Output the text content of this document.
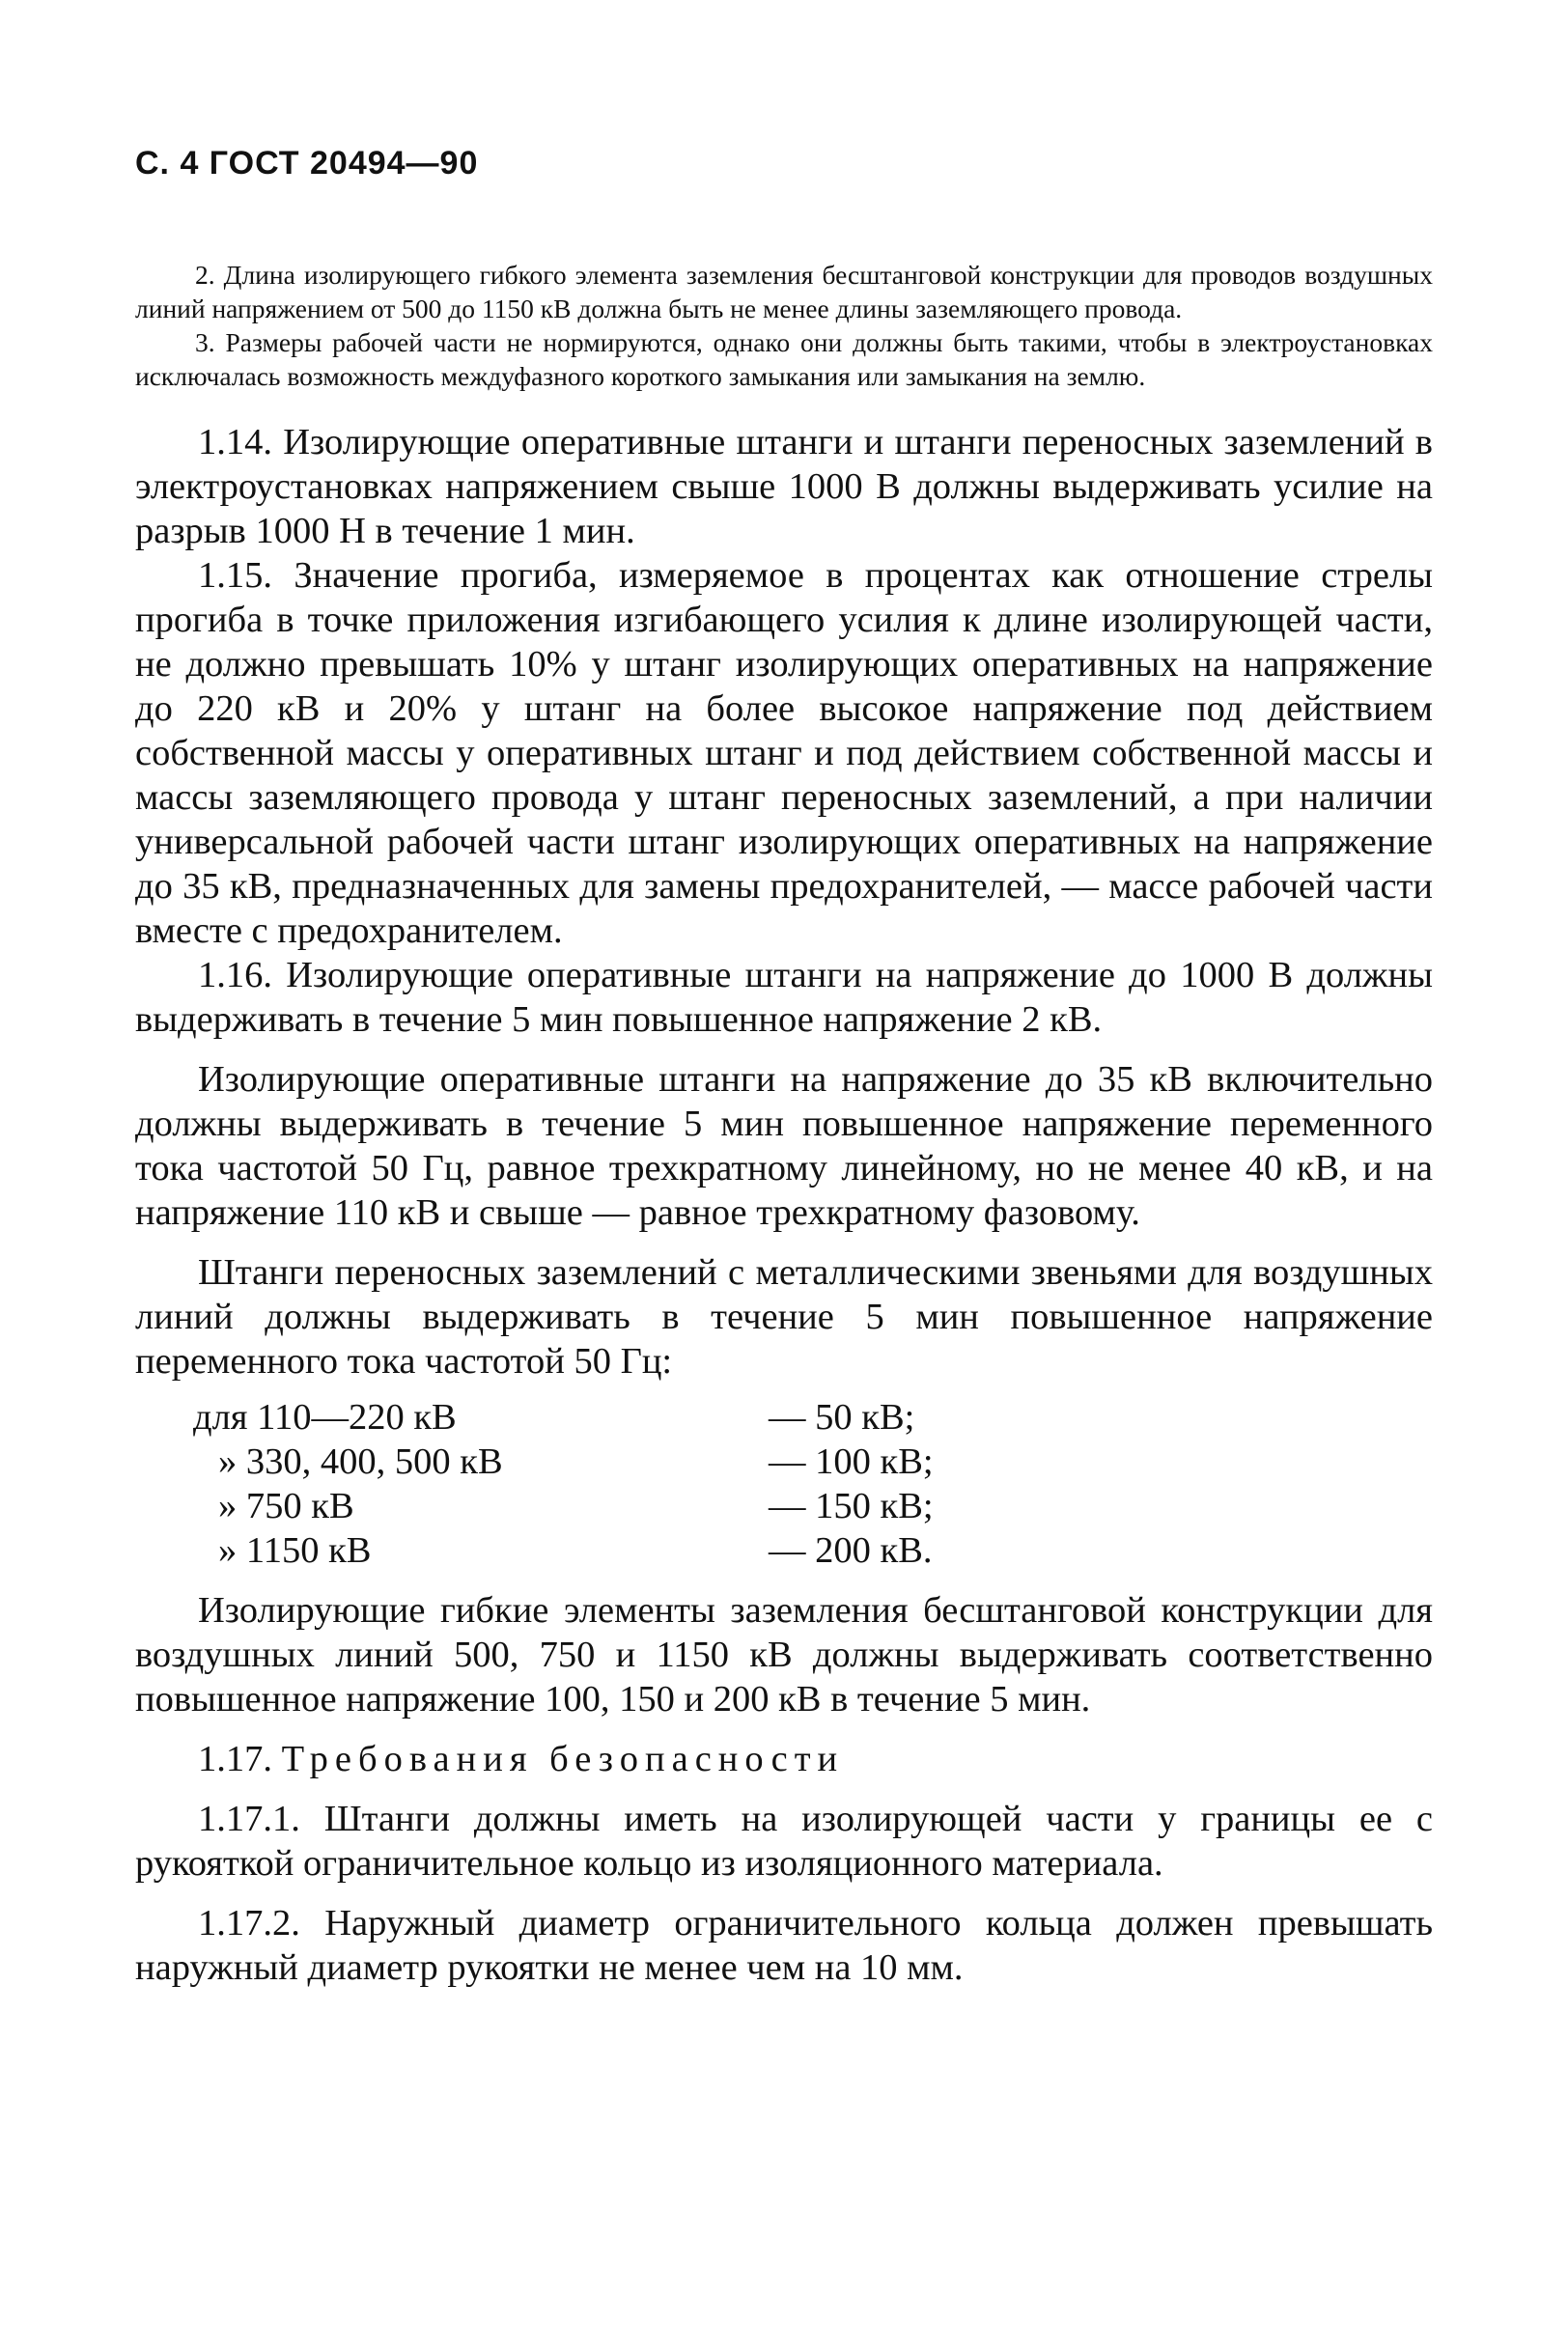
С. 4 ГОСТ 20494—90

2. Длина изолирующего гибкого элемента заземления бесштанговой конструкции для проводов воздушных линий напряжением от 500 до 1150 кВ должна быть не менее длины заземляющего провода.

3. Размеры рабочей части не нормируются, однако они должны быть такими, чтобы в электроустановках исключалась возможность междуфазного короткого замыкания или замыкания на землю.

1.14. Изолирующие оперативные штанги и штанги переносных заземлений в электроустановках напряжением свыше 1000 В должны выдерживать усилие на разрыв 1000 Н в течение 1 мин.

1.15. Значение прогиба, измеряемое в процентах как отношение стрелы прогиба в точке приложения изгибающего усилия к длине изолирующей части, не должно превышать 10% у штанг изолирующих оперативных на напряжение до 220 кВ и 20% у штанг на более высокое напряжение под действием собственной массы у оперативных штанг и под действием собственной массы и массы заземляющего провода у штанг переносных заземлений, а при наличии универсальной рабочей части штанг изолирующих оперативных на напряжение до 35 кВ, предназначенных для замены предохранителей, — массе рабочей части вместе с предохранителем.

1.16. Изолирующие оперативные штанги на напряжение до 1000 В должны выдерживать в течение 5 мин повышенное напряжение 2 кВ.

Изолирующие оперативные штанги на напряжение до 35 кВ включительно должны выдерживать в течение 5 мин повышенное напряжение переменного тока частотой 50 Гц, равное трехкратному линейному, но не менее 40 кВ, и на напряжение 110 кВ и свыше — равное трехкратному фазовому.

Штанги переносных заземлений с металлическими звеньями для воздушных линий должны выдерживать в течение 5 мин повышенное напряжение переменного тока частотой 50 Гц:

для 110—220 кВ	— 50 кВ;
» 330, 400, 500 кВ	— 100 кВ;
» 750 кВ	— 150 кВ;
» 1150 кВ	— 200 кВ.

Изолирующие гибкие элементы заземления бесштанговой конструкции для воздушных линий 500, 750 и 1150 кВ должны выдерживать соответственно повышенное напряжение 100, 150 и 200 кВ в течение 5 мин.

1.17. Требования безопасности

1.17.1. Штанги должны иметь на изолирующей части у границы ее с рукояткой ограничительное кольцо из изоляционного материала.

1.17.2. Наружный диаметр ограничительного кольца должен превышать наружный диаметр рукоятки не менее чем на 10 мм.
